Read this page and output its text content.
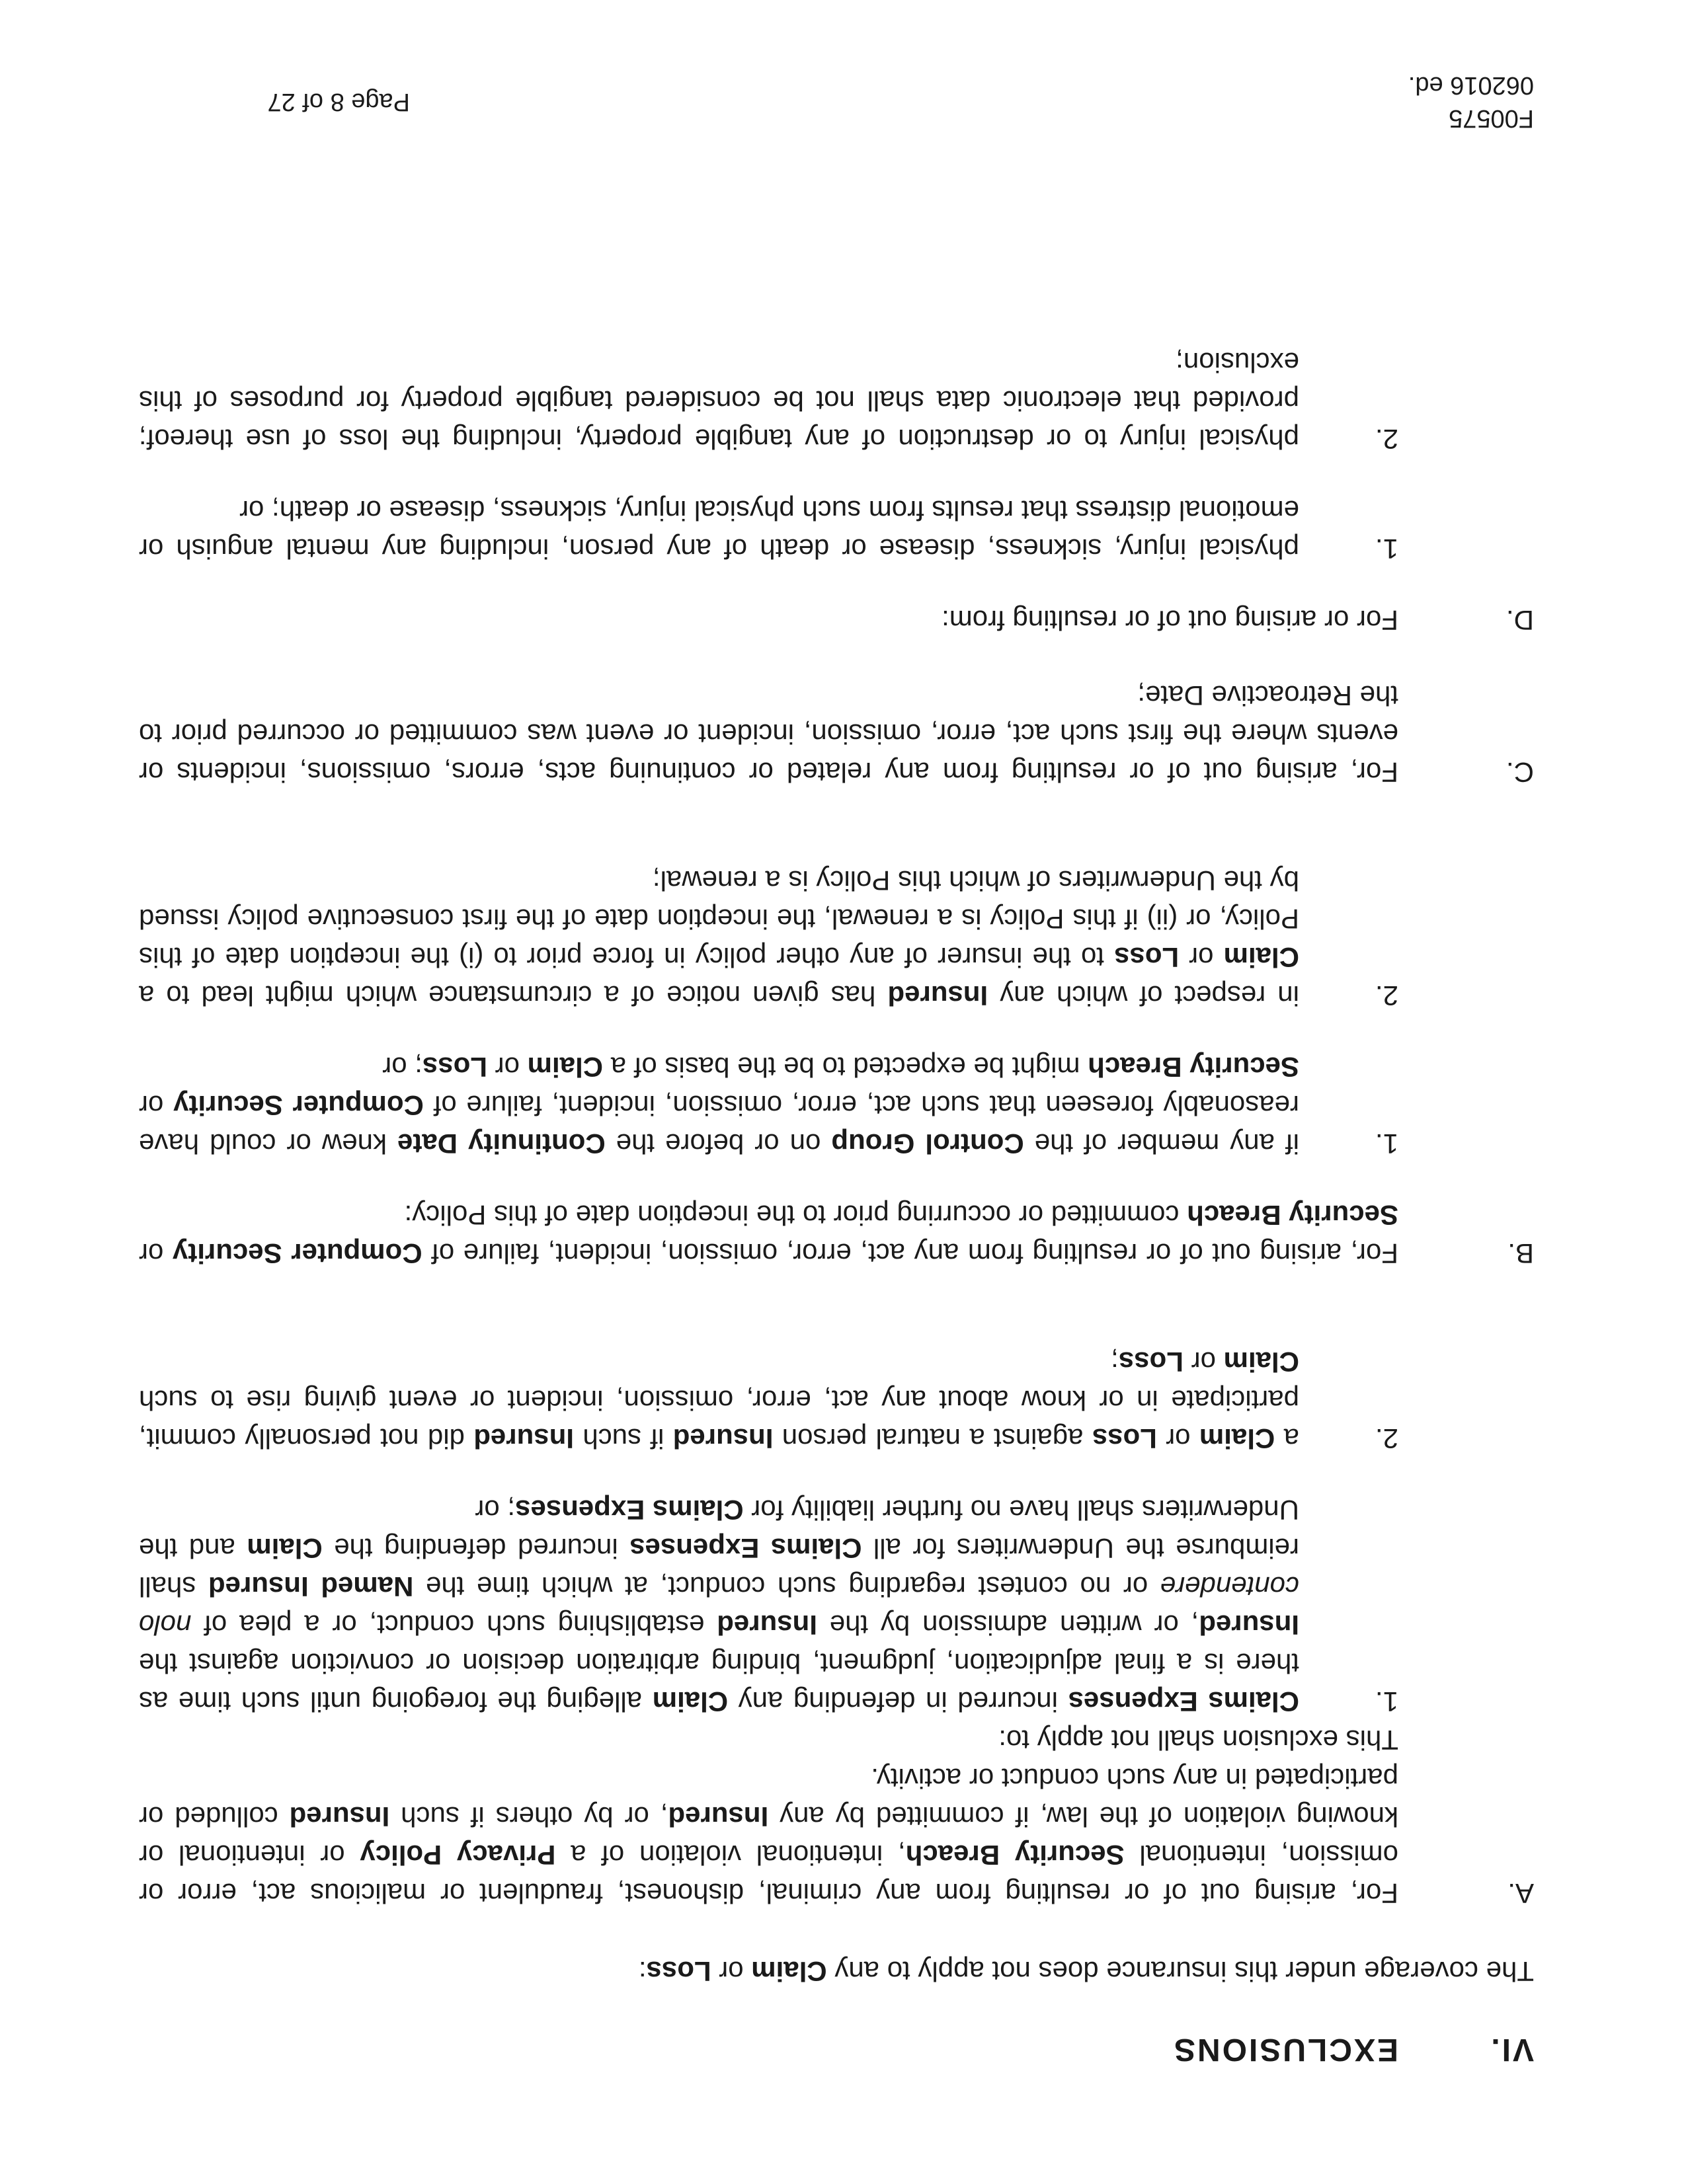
VI.
EXCLUSIONS

The coverage under this insurance does not apply to any Claim or Loss:

A.

For, arising out of or resulting from any criminal, dishonest, fraudulent or malicious act, error or omission, intentional Security Breach, intentional violation of a Privacy Policy or intentional or knowing violation of the law, if committed by any Insured, or by others if such Insured colluded or participated in any such conduct or activity.

This exclusion shall not apply to:

1.
Claims Expenses incurred in defending any Claim alleging the foregoing until such time as there is a final adjudication, judgment, binding arbitration decision or conviction against the Insured, or written admission by the Insured establishing such conduct, or a plea of nolo contendere or no contest regarding such conduct, at which time the Named Insured shall reimburse the Underwriters for all Claims Expenses incurred defending the Claim and the Underwriters shall have no further liability for Claims Expenses; or
2.
a Claim or Loss against a natural person Insured if such Insured did not personally commit, participate in or know about any act, error, omission, incident or event giving rise to such Claim or Loss;
B.

For, arising out of or resulting from any act, error, omission, incident, failure of Computer Security or Security Breach committed or occurring prior to the inception date of this Policy:

1.
if any member of the Control Group on or before the Continuity Date knew or could have reasonably foreseen that such act, error, omission, incident, failure of Computer Security or Security Breach might be expected to be the basis of a Claim or Loss; or
2.
in respect of which any Insured has given notice of a circumstance which might lead to a Claim or Loss to the insurer of any other policy in force prior to (i) the inception date of this Policy, or (ii) if this Policy is a renewal, the inception date of the first consecutive policy issued by the Underwriters of which this Policy is a renewal;
C.
For, arising out of or resulting from any related or continuing acts, errors, omissions, incidents or events where the first such act, error, omission, incident or event was committed or occurred prior to the Retroactive Date;
D.

For or arising out of or resulting from:

1.
physical injury, sickness, disease or death of any person, including any mental anguish or emotional distress that results from such physical injury, sickness, disease or death; or
2.
physical injury to or destruction of any tangible property, including the loss of use thereof; provided that electronic data shall not be considered tangible property for purposes of this exclusion;
F00575
062016 ed.
Page 8 of 27
